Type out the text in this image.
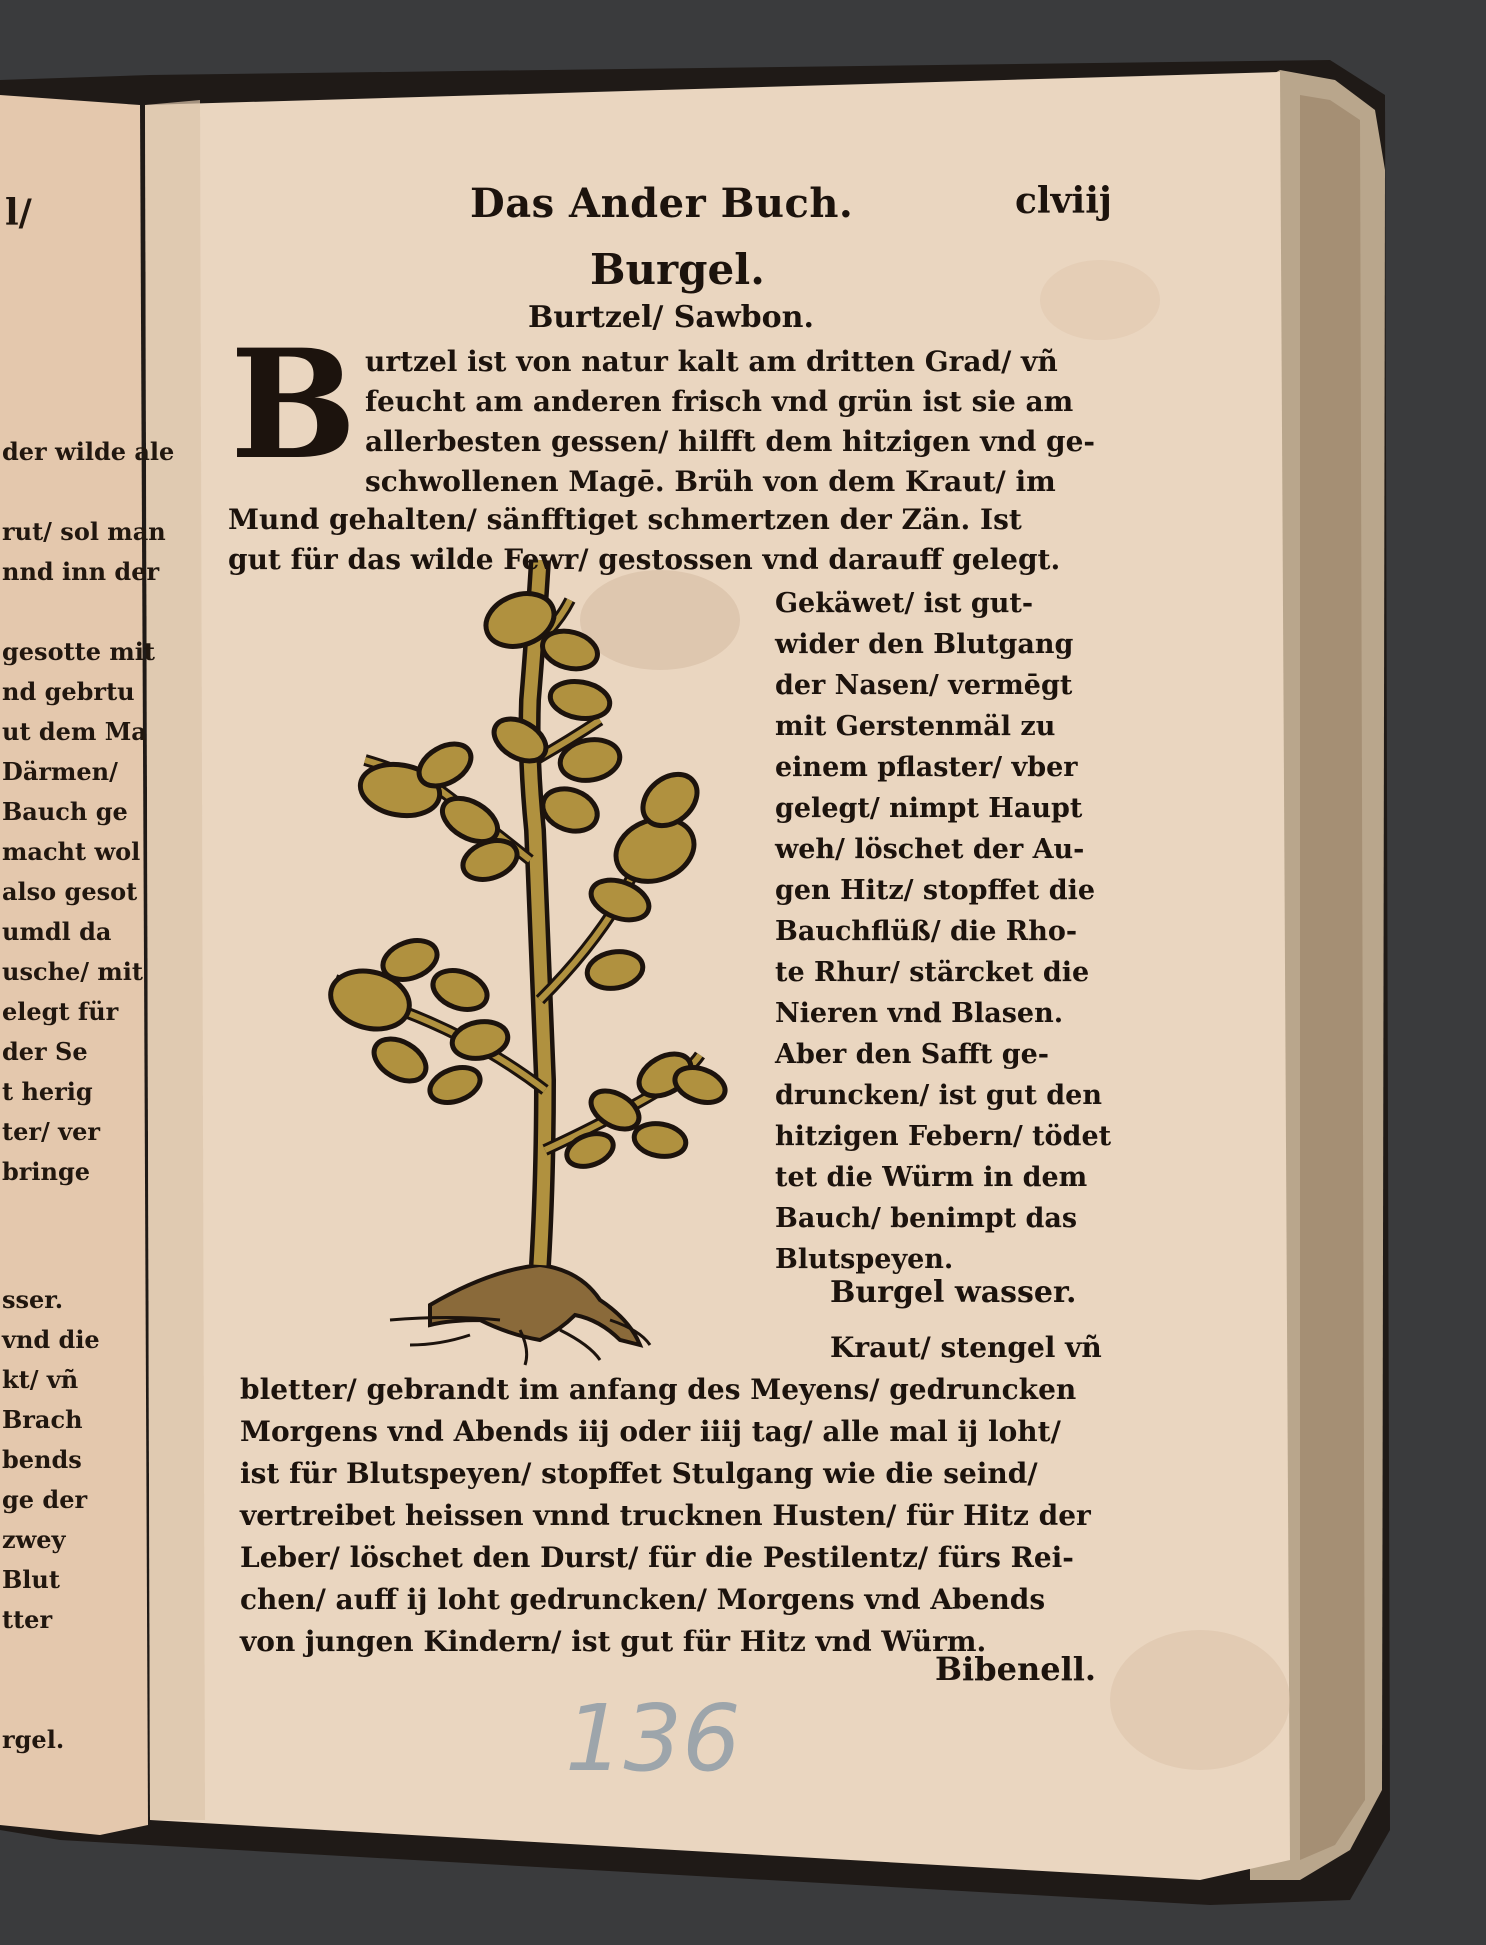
l/
der wilde ale
rut/ sol man
nnd inn der
gesotte mit
nd gebrtu
ut dem Ma
Därmen/
Bauch ge
macht wol
also gesot
umdl da
usche/ mit
elegt für
der Se
t herig
ter/ ver
bringe
sser.
vnd die
kt/ vñ
Brach
bends
ge der
zwey
Blut
tter
rgel.
Das Ander Buch.	clviij
Burgel.
Burtzel/ Sawbon.
B urtzel ist von natur kalt am dritten Grad/ vñ
feucht am anderen frisch vnd grün ist sie am
allerbesten gessen/ hilfft dem hitzigen vnd ge-
schwollenen Magē. Brüh von dem Kraut/ im
Mund gehalten/ sänfftiget schmertzen der Zän. Ist
gut für das wilde Fewr/ gestossen vnd darauff gelegt.
Gekäwet/ ist gut-
wider den Blutgang
der Nasen/ vermēgt
mit Gerstenmäl zu
einem pflaster/ vber
gelegt/ nimpt Haupt
weh/ löschet der Au-
gen Hitz/ stopffet die
Bauchflüß/ die Rho-
te Rhur/ stärcket die
Nieren vnd Blasen.
Aber den Safft ge-
druncken/ ist gut den
hitzigen Febern/ tödet
tet die Würm in dem
Bauch/ benimpt das
Blutspeyen.
Burgel wasser.
Kraut/ stengel vñ
bletter/ gebrandt im anfang des Meyens/ gedruncken
Morgens vnd Abends iij oder iiij tag/ alle mal ij loht/
ist für Blutspeyen/ stopffet Stulgang wie die seind/
vertreibet heissen vnnd trucknen Husten/ für Hitz der
Leber/ löschet den Durst/ für die Pestilentz/ fürs Rei-
chen/ auff ij loht gedruncken/ Morgens vnd Abends
von jungen Kindern/ ist gut für Hitz vnd Würm.
Bibenell.
136
